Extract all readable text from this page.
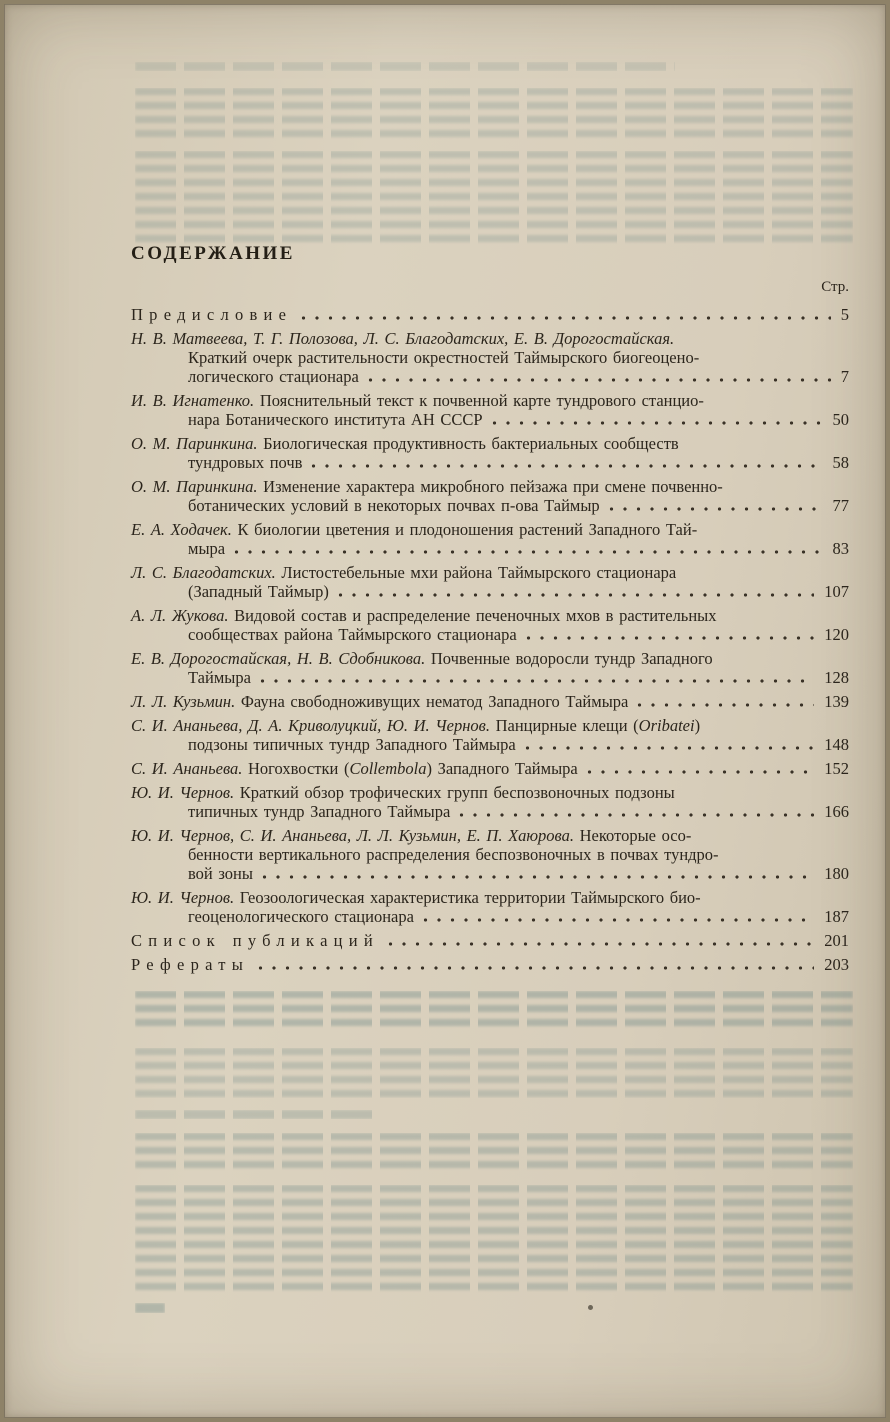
СОДЕРЖАНИЕ
Стр.
Предисловие	5
Н. В. Матвеева, Т. Г. Полозова, Л. С. Благодатских, Е. В. Дорогостайская.
Краткий очерк растительности окрестностей Таймырского биогеоцено-
логического стационара	7
И. В. Игнатенко. Пояснительный текст к почвенной карте тундрового станцио-
нара Ботанического института АН СССР	50
О. М. Паринкина. Биологическая продуктивность бактериальных сообществ
тундровых почв	58
О. М. Паринкина. Изменение характера микробного пейзажа при смене почвенно-
ботанических условий в некоторых почвах п-ова Таймыр	77
Е. А. Ходачек. К биологии цветения и плодоношения растений Западного Тай-
мыра	83
Л. С. Благодатских. Листостебельные мхи района Таймырского стационара
(Западный Таймыр)	107
А. Л. Жукова. Видовой состав и распределение печеночных мхов в растительных
сообществах района Таймырского стационара	120
Е. В. Дорогостайская, Н. В. Сдобникова. Почвенные водоросли тундр Западного
Таймыра	128
Л. Л. Кузьмин. Фауна свободноживущих нематод Западного Таймыра	139
С. И. Ананьева, Д. А. Криволуцкий, Ю. И. Чернов. Панцирные клещи (Oribatei)
подзоны типичных тундр Западного Таймыра	148
С. И. Ананьева. Ногохвостки (Collembola) Западного Таймыра	152
Ю. И. Чернов. Краткий обзор трофических групп беспозвоночных подзоны
типичных тундр Западного Таймыра	166
Ю. И. Чернов, С. И. Ананьева, Л. Л. Кузьмин, Е. П. Хаюрова. Некоторые осо-
бенности вертикального распределения беспозвоночных в почвах тундро-
вой зоны	180
Ю. И. Чернов. Геозоологическая характеристика территории Таймырского био-
геоценологического стационара	187
Список публикаций	201
Рефераты	203
